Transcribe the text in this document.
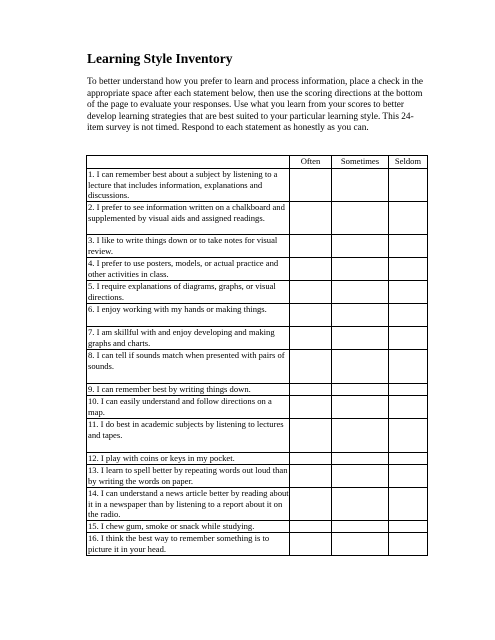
Learning Style Inventory

To better understand how you prefer to learn and process information, place a check in the appropriate space after each statement below, then use the scoring directions at the bottom of the page to evaluate your responses. Use what you learn from your scores to better develop learning strategies that are best suited to your particular learning style. This 24-item survey is not timed. Respond to each statement as honestly as you can.

	Often	Sometimes	Seldom
1. I can remember best about a subject by listening to a lecture that includes information, explanations and discussions.			
2. I prefer to see information written on a chalkboard and supplemented by visual aids and assigned readings.			
3. I like to write things down or to take notes for visual review.			
4. I prefer to use posters, models, or actual practice and other activities in class.			
5. I require explanations of diagrams, graphs, or visual directions.			
6. I enjoy working with my hands or making things.			
7. I am skillful with and enjoy developing and making graphs and charts.			
8. I can tell if sounds match when presented with pairs of sounds.			
9. I can remember best by writing things down.			
10. I can easily understand and follow directions on a map.			
11. I do best in academic subjects by listening to lectures and tapes.			
12. I play with coins or keys in my pocket.			
13. I learn to spell better by repeating words out loud than by writing the words on paper.			
14. I can understand a news article better by reading about it in a newspaper than by listening to a report about it on the radio.			
15. I chew gum, smoke or snack while studying.			
16. I think the best way to remember something is to picture it in your head.			
